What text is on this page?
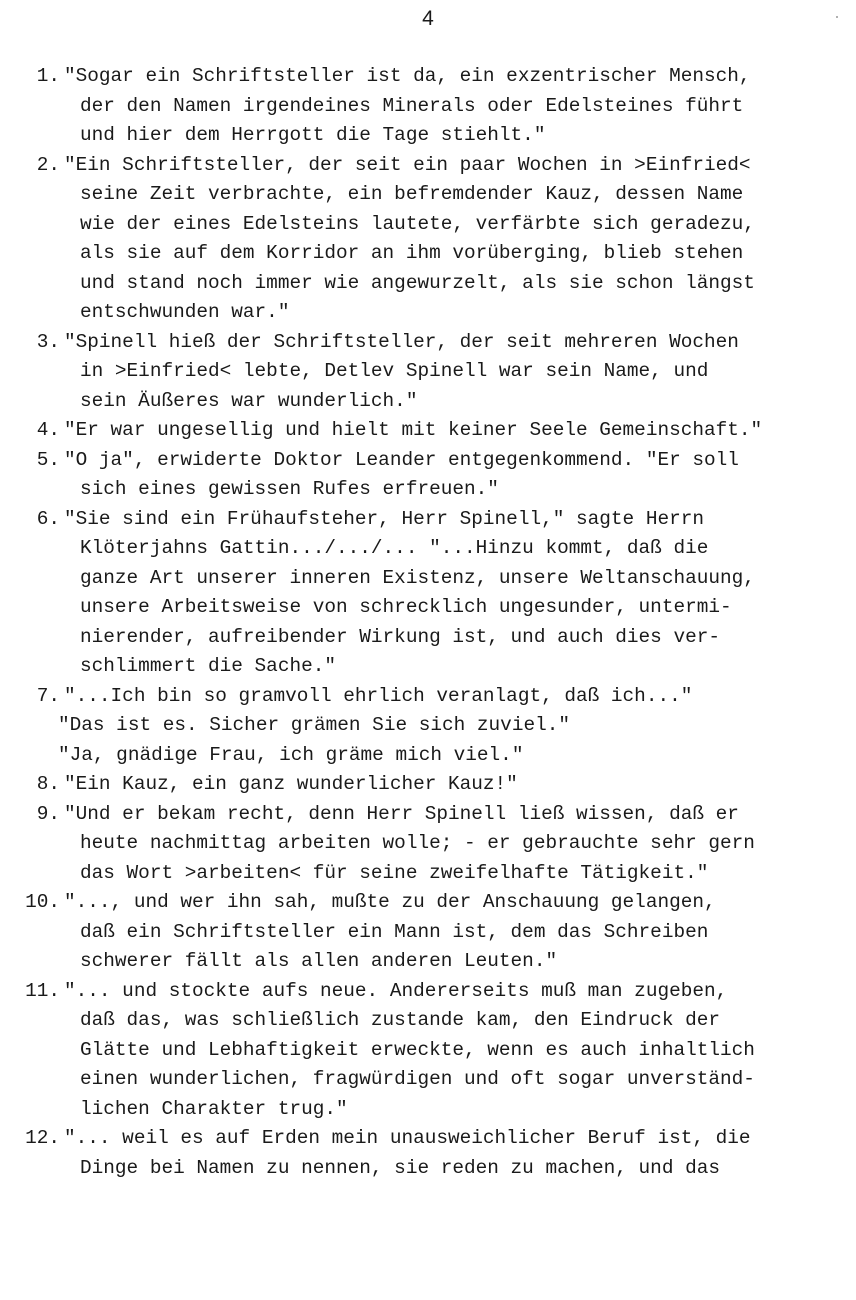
4
1. "Sogar ein Schriftsteller ist da, ein exzentrischer Mensch,
der den Namen irgendeines Minerals oder Edelsteines führt
und hier dem Herrgott die Tage stiehlt."
2. "Ein Schriftsteller, der seit ein paar Wochen in >Einfried<
seine Zeit verbrachte, ein befremdender Kauz, dessen Name
wie der eines Edelsteins lautete, verfärbte sich geradezu,
als sie auf dem Korridor an ihm vorüberging, blieb stehen
und stand noch immer wie angewurzelt, als sie schon längst
entschwunden war."
3. "Spinell hieß der Schriftsteller, der seit mehreren Wochen
in >Einfried< lebte, Detlev Spinell war sein Name, und
sein Äußeres war wunderlich."
4. "Er war ungesellig und hielt mit keiner Seele Gemeinschaft."
5. "O ja", erwiderte Doktor Leander entgegenkommend. "Er soll
sich eines gewissen Rufes erfreuen."
6. "Sie sind ein Frühaufsteher, Herr Spinell," sagte Herrn
Klöterjahns Gattin.../.../... "...Hinzu kommt, daß die
ganze Art unserer inneren Existenz, unsere Weltanschauung,
unsere Arbeitsweise von schrecklich ungesunder, untermi-
nierender, aufreibender Wirkung ist, und auch dies ver-
schlimmert die Sache."
7. "...Ich bin so gramvoll ehrlich veranlagt, daß ich..."
"Das ist es. Sicher grämen Sie sich zuviel."
"Ja, gnädige Frau, ich gräme mich viel."
8. "Ein Kauz, ein ganz wunderlicher Kauz!"
9. "Und er bekam recht, denn Herr Spinell ließ wissen, daß er
heute nachmittag arbeiten wolle; - er gebrauchte sehr gern
das Wort >arbeiten< für seine zweifelhafte Tätigkeit."
10. "..., und wer ihn sah, mußte zu der Anschauung gelangen,
daß ein Schriftsteller ein Mann ist, dem das Schreiben
schwerer fällt als allen anderen Leuten."
11. "... und stockte aufs neue. Andererseits muß man zugeben,
daß das, was schließlich zustande kam, den Eindruck der
Glätte und Lebhaftigkeit erweckte, wenn es auch inhaltlich
einen wunderlichen, fragwürdigen und oft sogar unverständ-
lichen Charakter trug."
12. "... weil es auf Erden mein unausweichlicher Beruf ist, die
Dinge bei Namen zu nennen, sie reden zu machen, und das
